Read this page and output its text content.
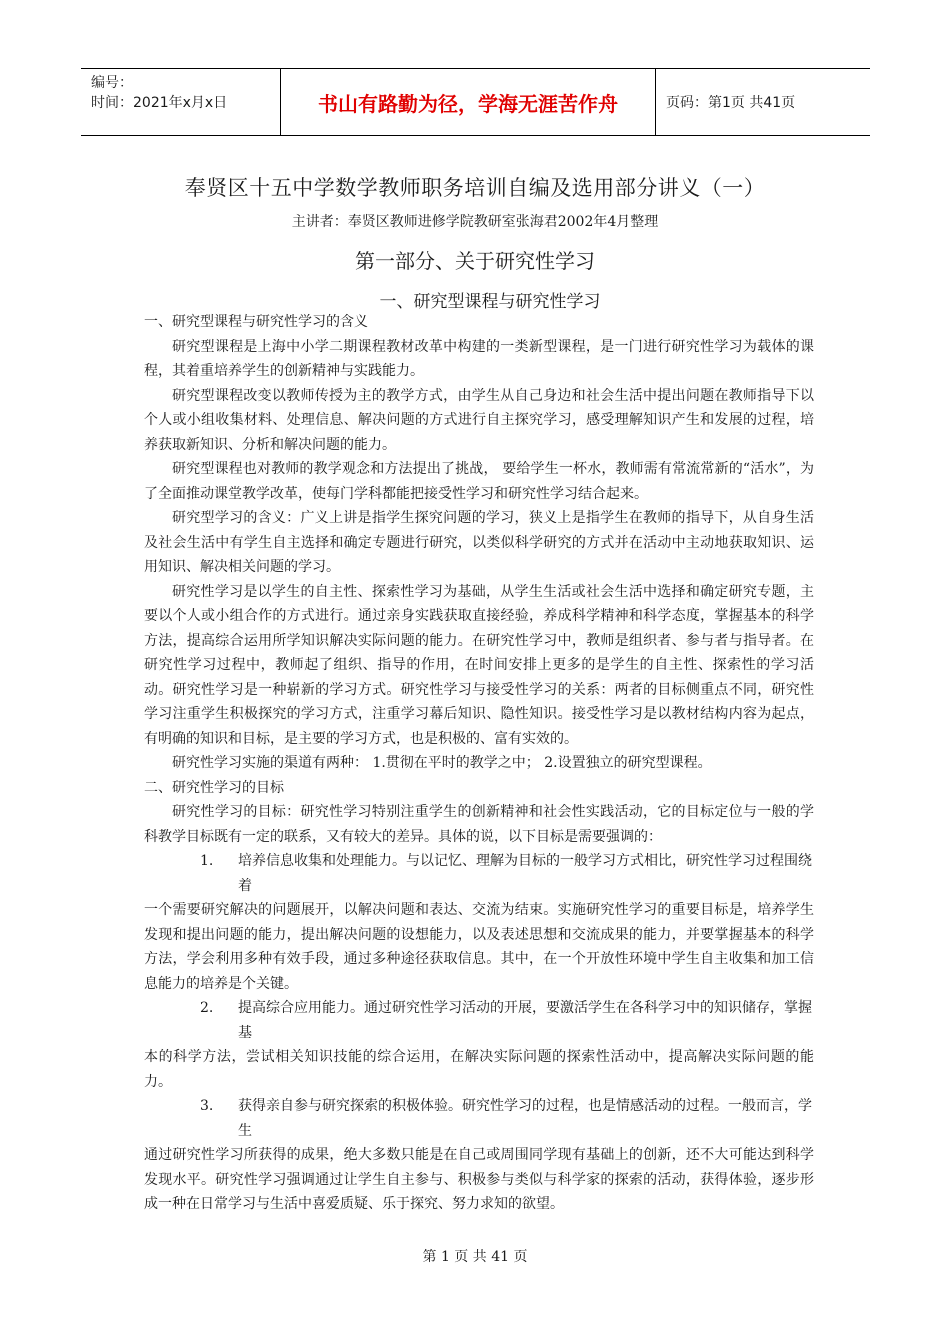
编号：
时间：2021年x月x日	书山有路勤为径，学海无涯苦作舟	页码：第1页 共41页
奉贤区十五中学数学教师职务培训自编及选用部分讲义（一）
主讲者：奉贤区教师进修学院教研室张海君2002年4月整理
第一部分、关于研究性学习
一、研究型课程与研究性学习

一、研究型课程与研究性学习的含义

研究型课程是上海中小学二期课程教材改革中构建的一类新型课程，是一门进行研究性学习为载体的课程，其着重培养学生的创新精神与实践能力。

研究型课程改变以教师传授为主的教学方式，由学生从自己身边和社会生活中提出问题在教师指导下以个人或小组收集材料、处理信息、解决问题的方式进行自主探究学习，感受理解知识产生和发展的过程，培养获取新知识、分析和解决问题的能力。

研究型课程也对教师的教学观念和方法提出了挑战， 要给学生一杯水，教师需有常流常新的“活水”，为了全面推动课堂教学改革，使每门学科都能把接受性学习和研究性学习结合起来。

研究型学习的含义：广义上讲是指学生探究问题的学习，狭义上是指学生在教师的指导下，从自身生活及社会生活中有学生自主选择和确定专题进行研究，以类似科学研究的方式并在活动中主动地获取知识、运用知识、解决相关问题的学习。

研究性学习是以学生的自主性、探索性学习为基础，从学生生活或社会生活中选择和确定研究专题，主要以个人或小组合作的方式进行。通过亲身实践获取直接经验，养成科学精神和科学态度，掌握基本的科学方法，提高综合运用所学知识解决实际问题的能力。在研究性学习中，教师是组织者、参与者与指导者。在研究性学习过程中，教师起了组织、指导的作用，在时间安排上更多的是学生的自主性、探索性的学习活动。研究性学习是一种崭新的学习方式。研究性学习与接受性学习的关系：两者的目标侧重点不同，研究性学习注重学生积极探究的学习方式，注重学习幕后知识、隐性知识。接受性学习是以教材结构内容为起点，有明确的知识和目标，是主要的学习方式，也是积极的、富有实效的。

研究性学习实施的渠道有两种： 1.贯彻在平时的教学之中； 2.设置独立的研究型课程。

二、研究性学习的目标

研究性学习的目标：研究性学习特别注重学生的创新精神和社会性实践活动，它的目标定位与一般的学科教学目标既有一定的联系，又有较大的差异。具体的说，以下目标是需要强调的：

1. 培养信息收集和处理能力。与以记忆、理解为目标的一般学习方式相比，研究性学习过程围绕
着

一个需要研究解决的问题展开，以解决问题和表达、交流为结束。实施研究性学习的重要目标是，培养学生发现和提出问题的能力，提出解决问题的设想能力，以及表述思想和交流成果的能力，并要掌握基本的科学方法，学会利用多种有效手段，通过多种途径获取信息。其中，在一个开放性环境中学生自主收集和加工信息能力的培养是个关键。

2. 提高综合应用能力。通过研究性学习活动的开展，要激活学生在各科学习中的知识储存，掌握
基

本的科学方法，尝试相关知识技能的综合运用，在解决实际问题的探索性活动中，提高解决实际问题的能力。

3. 获得亲自参与研究探索的积极体验。研究性学习的过程，也是情感活动的过程。一般而言，学
生

通过研究性学习所获得的成果，绝大多数只能是在自己或周围同学现有基础上的创新，还不大可能达到科学发现水平。研究性学习强调通过让学生自主参与、积极参与类似与科学家的探索的活动，获得体验，逐步形成一种在日常学习与生活中喜爱质疑、乐于探究、努力求知的欲望。

第 1 页 共 41 页
